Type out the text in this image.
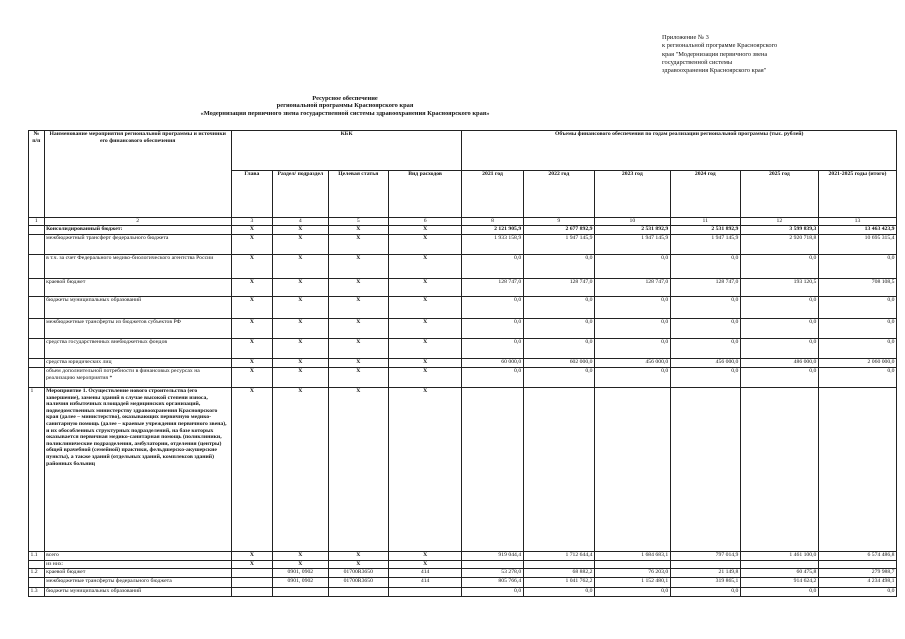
Приложение № 3
к региональной программе Красноярского
края "Модернизация первичного звена
государственной системы
здравоохранения Красноярского края"
Ресурсное обеспечение
региональной программы Красноярского края
«Модернизация первичного звена государственной системы здравоохранения Красноярского края»
№ п/п	Наименование мероприятия региональной программы и источники его финансового обеспечения	КБК				Объемы финансового обеспечения по годам реализации региональной программы (тыс. рублей)					
		Глава	Раздел/ подраздел	Целевая статья	Вид расходов	2021 год	2022 год	2023 год	2024 год	2025 год	2021-2025 годы (итого)
1	2	3	4	5	6	8	9	10	11	12	13
	Консолидированный бюджет:	X	X	X	X	2 121 905,9	2 677 892,9	2 531 892,9	2 531 892,9	3 599 839,3	13 463 423,9
	межбюджетный трансферт федерального бюджета	X	X	X	X	1 933 158,9	1 947 145,9	1 947 145,9	1 947 145,9	2 920 718,8	10 695 315,4
	в т.ч. за счет Федерального медико-биологического агентства России	X	X	X	X	0,0	0,0	0,0	0,0	0,0	0,0
	краевой бюджет	X	X	X	X	128 747,0	128 747,0	128 747,0	128 747,0	193 120,5	708 108,5
	бюджеты муниципальных образований	X	X	X	X	0,0	0,0	0,0	0,0	0,0	0,0
	межбюджетные трансферты из бюджетов субъектов РФ	X	X	X	X	0,0	0,0	0,0	0,0	0,0	0,0
	средства государственных внебюджетных фондов	X	X	X	X	0,0	0,0	0,0	0,0	0,0	0,0
	средства юридических лиц	X	X	X	X	60 000,0	602 000,0	456 000,0	456 000,0	486 000,0	2 060 000,0
	объем дополнительной потребности в финансовых ресурсах на реализацию мероприятия *	X	X	X	X	0,0	0,0	0,0	0,0	0,0	0,0
1	Мероприятие 1. Осуществление нового строительства (его завершение), замены зданий в случае высокой степени износа, наличия избыточных площадей медицинских организаций, подведомственных министерству здравоохранения Красноярского края (далее – министерство), оказывающих первичную медико-санитарную помощь (далее – краевые учреждения первичного звена), и их обособленных структурных подразделений, на базе которых оказывается первичная медико-санитарная помощь (поликлиники, поликлинические подразделения, амбулатории, отделения (центры) общей врачебной (семейной) практики, фельдшерско-акушерские пункты), а также зданий (отдельных зданий, комплексов зданий) районных больниц	X	X	X	X						
1.1	всего	X	X	X	X	919 044,4	1 712 644,4	1 684 683,1	797 014,9	1 461 100,0	6 574 486,8
	из них:	X	X	X	X						
1.2	краевой бюджет		0901, 0902	01700R3650	414	53 278,0	68 882,2	76 203,0	21 149,8	60 475,8	279 988,7
	межбюджетные трансферты федерального бюджета		0901, 0902	01700R3650	414	805 766,4	1 041 762,2	1 152 480,1	319 865,1	914 624,2	4 234 498,1
1.3	бюджеты муниципальных образований					0,0	0,0	0,0	0,0	0,0	0,0
